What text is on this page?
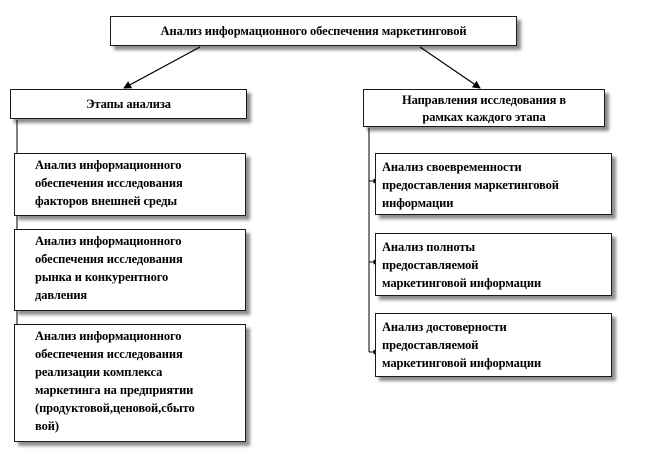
Анализ информационного обеспечения маркетинговой
Этапы анализа	Направления исследования в
рамках каждого этапа
Анализ информационного
обеспечения исследования
факторов внешней среды
Анализ информационного
обеспечения исследования
рынка и конкурентного
давления
Анализ информационного
обеспечения исследования
реализации комплекса
маркетинга на предприятии
(продуктовой,ценовой,сбыто
вой)
Анализ своевременности
предоставления маркетинговой
информации
Анализ полноты
предоставляемой
маркетинговой информации
Анализ достоверности
предоставляемой
маркетинговой информации
